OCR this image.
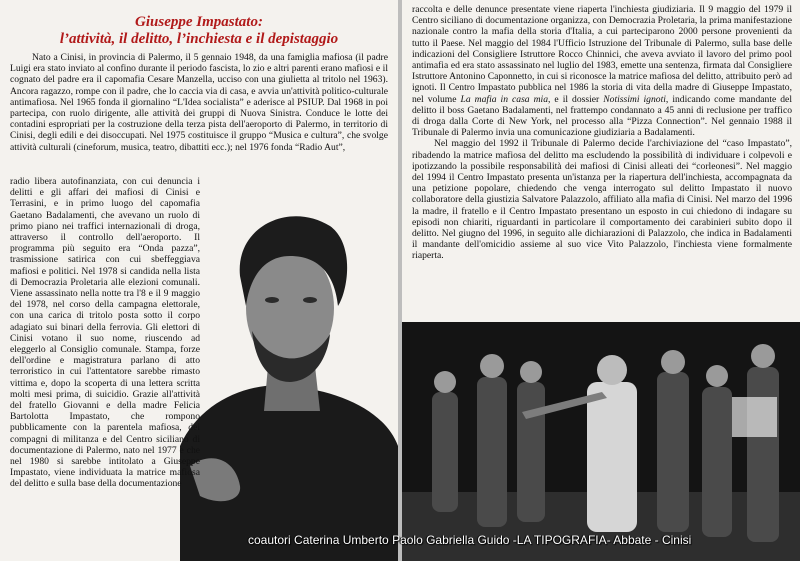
Giuseppe Impastato:
l’attività, il delitto, l’inchiesta e il depistaggio

Nato a Cinisi, in provincia di Palermo, il 5 gennaio 1948, da una famiglia mafiosa (il padre Luigi era stato inviato al confino durante il periodo fascista, lo zio e altri parenti erano mafiosi e il cognato del padre era il capomafia Cesare Manzella, ucciso con una giulietta al tritolo nel 1963). Ancora ragazzo, rompe con il padre, che lo caccia via di casa, e avvia un'attività politico-culturale antimafiosa. Nel 1965 fonda il giornalino “L'Idea socialista” e aderisce al PSIUP. Dal 1968 in poi partecipa, con ruolo dirigente, alle attività dei gruppi di Nuova Sinistra. Conduce le lotte dei contadini espropriati per la costruzione della terza pista dell'aeroporto di Palermo, in territorio di Cinisi, degli edili e dei disoccupati. Nel 1975 costituisce il gruppo “Musica e cultura”, che svolge attività culturali (cineforum, musica, teatro, dibattiti ecc.); nel 1976 fonda “Radio Aut”,

radio libera autofinanziata, con cui denuncia i delitti e gli affari dei mafiosi di Cinisi e Terrasini, e in primo luogo del capomafia Gaetano Badalamenti, che avevano un ruolo di primo piano nei traffici internazionali di droga, attraverso il controllo dell'aeroporto. Il programma più seguito era “Onda pazza”, trasmissione satirica con cui sbeffeggiava mafiosi e politici. Nel 1978 si candida nella lista di Democrazia Proletaria alle elezioni comunali. Viene assassinato nella notte tra l'8 e il 9 maggio del 1978, nel corso della campagna elettorale, con una carica di tritolo posta sotto il corpo adagiato sui binari della ferrovia. Gli elettori di Cinisi votano il suo nome, riuscendo ad eleggerlo al Consiglio comunale. Stampa, forze dell'ordine e magistratura parlano di atto terroristico in cui l'attentatore sarebbe rimasto vittima e, dopo la scoperta di una lettera scritta molti mesi prima, di suicidio. Grazie all'attività del fratello Giovanni e della madre Felicia Bartolotta Impastato, che rompono pubblicamente con la parentela mafiosa, dei compagni di militanza e del Centro siciliano di documentazione di Palermo, nato nel 1977 e che nel 1980 si sarebbe intitolato a Giuseppe Impastato, viene individuata la matrice mafiosa del delitto e sulla base della documentazione

raccolta e delle denunce presentate viene riaperta l'inchiesta giudiziaria. Il 9 maggio del 1979 il Centro siciliano di documentazione organizza, con Democrazia Proletaria, la prima manifestazione nazionale contro la mafia della storia d'Italia, a cui parteciparono 2000 persone provenienti da tutto il Paese. Nel maggio del 1984 l'Ufficio Istruzione del Tribunale di Palermo, sulla base delle indicazioni del Consigliere Istruttore Rocco Chinnici, che aveva avviato il lavoro del primo pool antimafia ed era stato assassinato nel luglio del 1983, emette una sentenza, firmata dal Consigliere Istruttore Antonino Caponnetto, in cui si riconosce la matrice mafiosa del delitto, attribuito però ad ignoti. Il Centro Impastato pubblica nel 1986 la storia di vita della madre di Giuseppe Impastato, nel volume La mafia in casa mia, e il dossier Notissimi ignoti, indicando come mandante del delitto il boss Gaetano Badalamenti, nel frattempo condannato a 45 anni di reclusione per traffico di droga dalla Corte di New York, nel processo alla “Pizza Connection”. Nel gennaio 1988 il Tribunale di Palermo invia una comunicazione giudiziaria a Badalamenti.

Nel maggio del 1992 il Tribunale di Palermo decide l'archiviazione del “caso Impastato”, ribadendo la matrice mafiosa del delitto ma escludendo la possibilità di individuare i colpevoli e ipotizzando la possibile responsabilità dei mafiosi di Cinisi alleati dei “corleonesi”. Nel maggio del 1994 il Centro Impastato presenta un'istanza per la riapertura dell'inchiesta, accompagnata da una petizione popolare, chiedendo che venga interrogato sul delitto Impastato il nuovo collaboratore della giustizia Salvatore Palazzolo, affiliato alla mafia di Cinisi. Nel marzo del 1996 la madre, il fratello e il Centro Impastato presentano un esposto in cui chiedono di indagare su episodi non chiariti, riguardanti in particolare il comportamento dei carabinieri subito dopo il delitto. Nel giugno del 1996, in seguito alle dichiarazioni di Palazzolo, che indica in Badalamenti il mandante dell'omicidio assieme al suo vice Vito Palazzolo, l'inchiesta viene formalmente riaperta.

coautori Caterina Umberto Paolo Gabriella Guido -LA TIPOGRAFIA- Abbate - Cinisi
